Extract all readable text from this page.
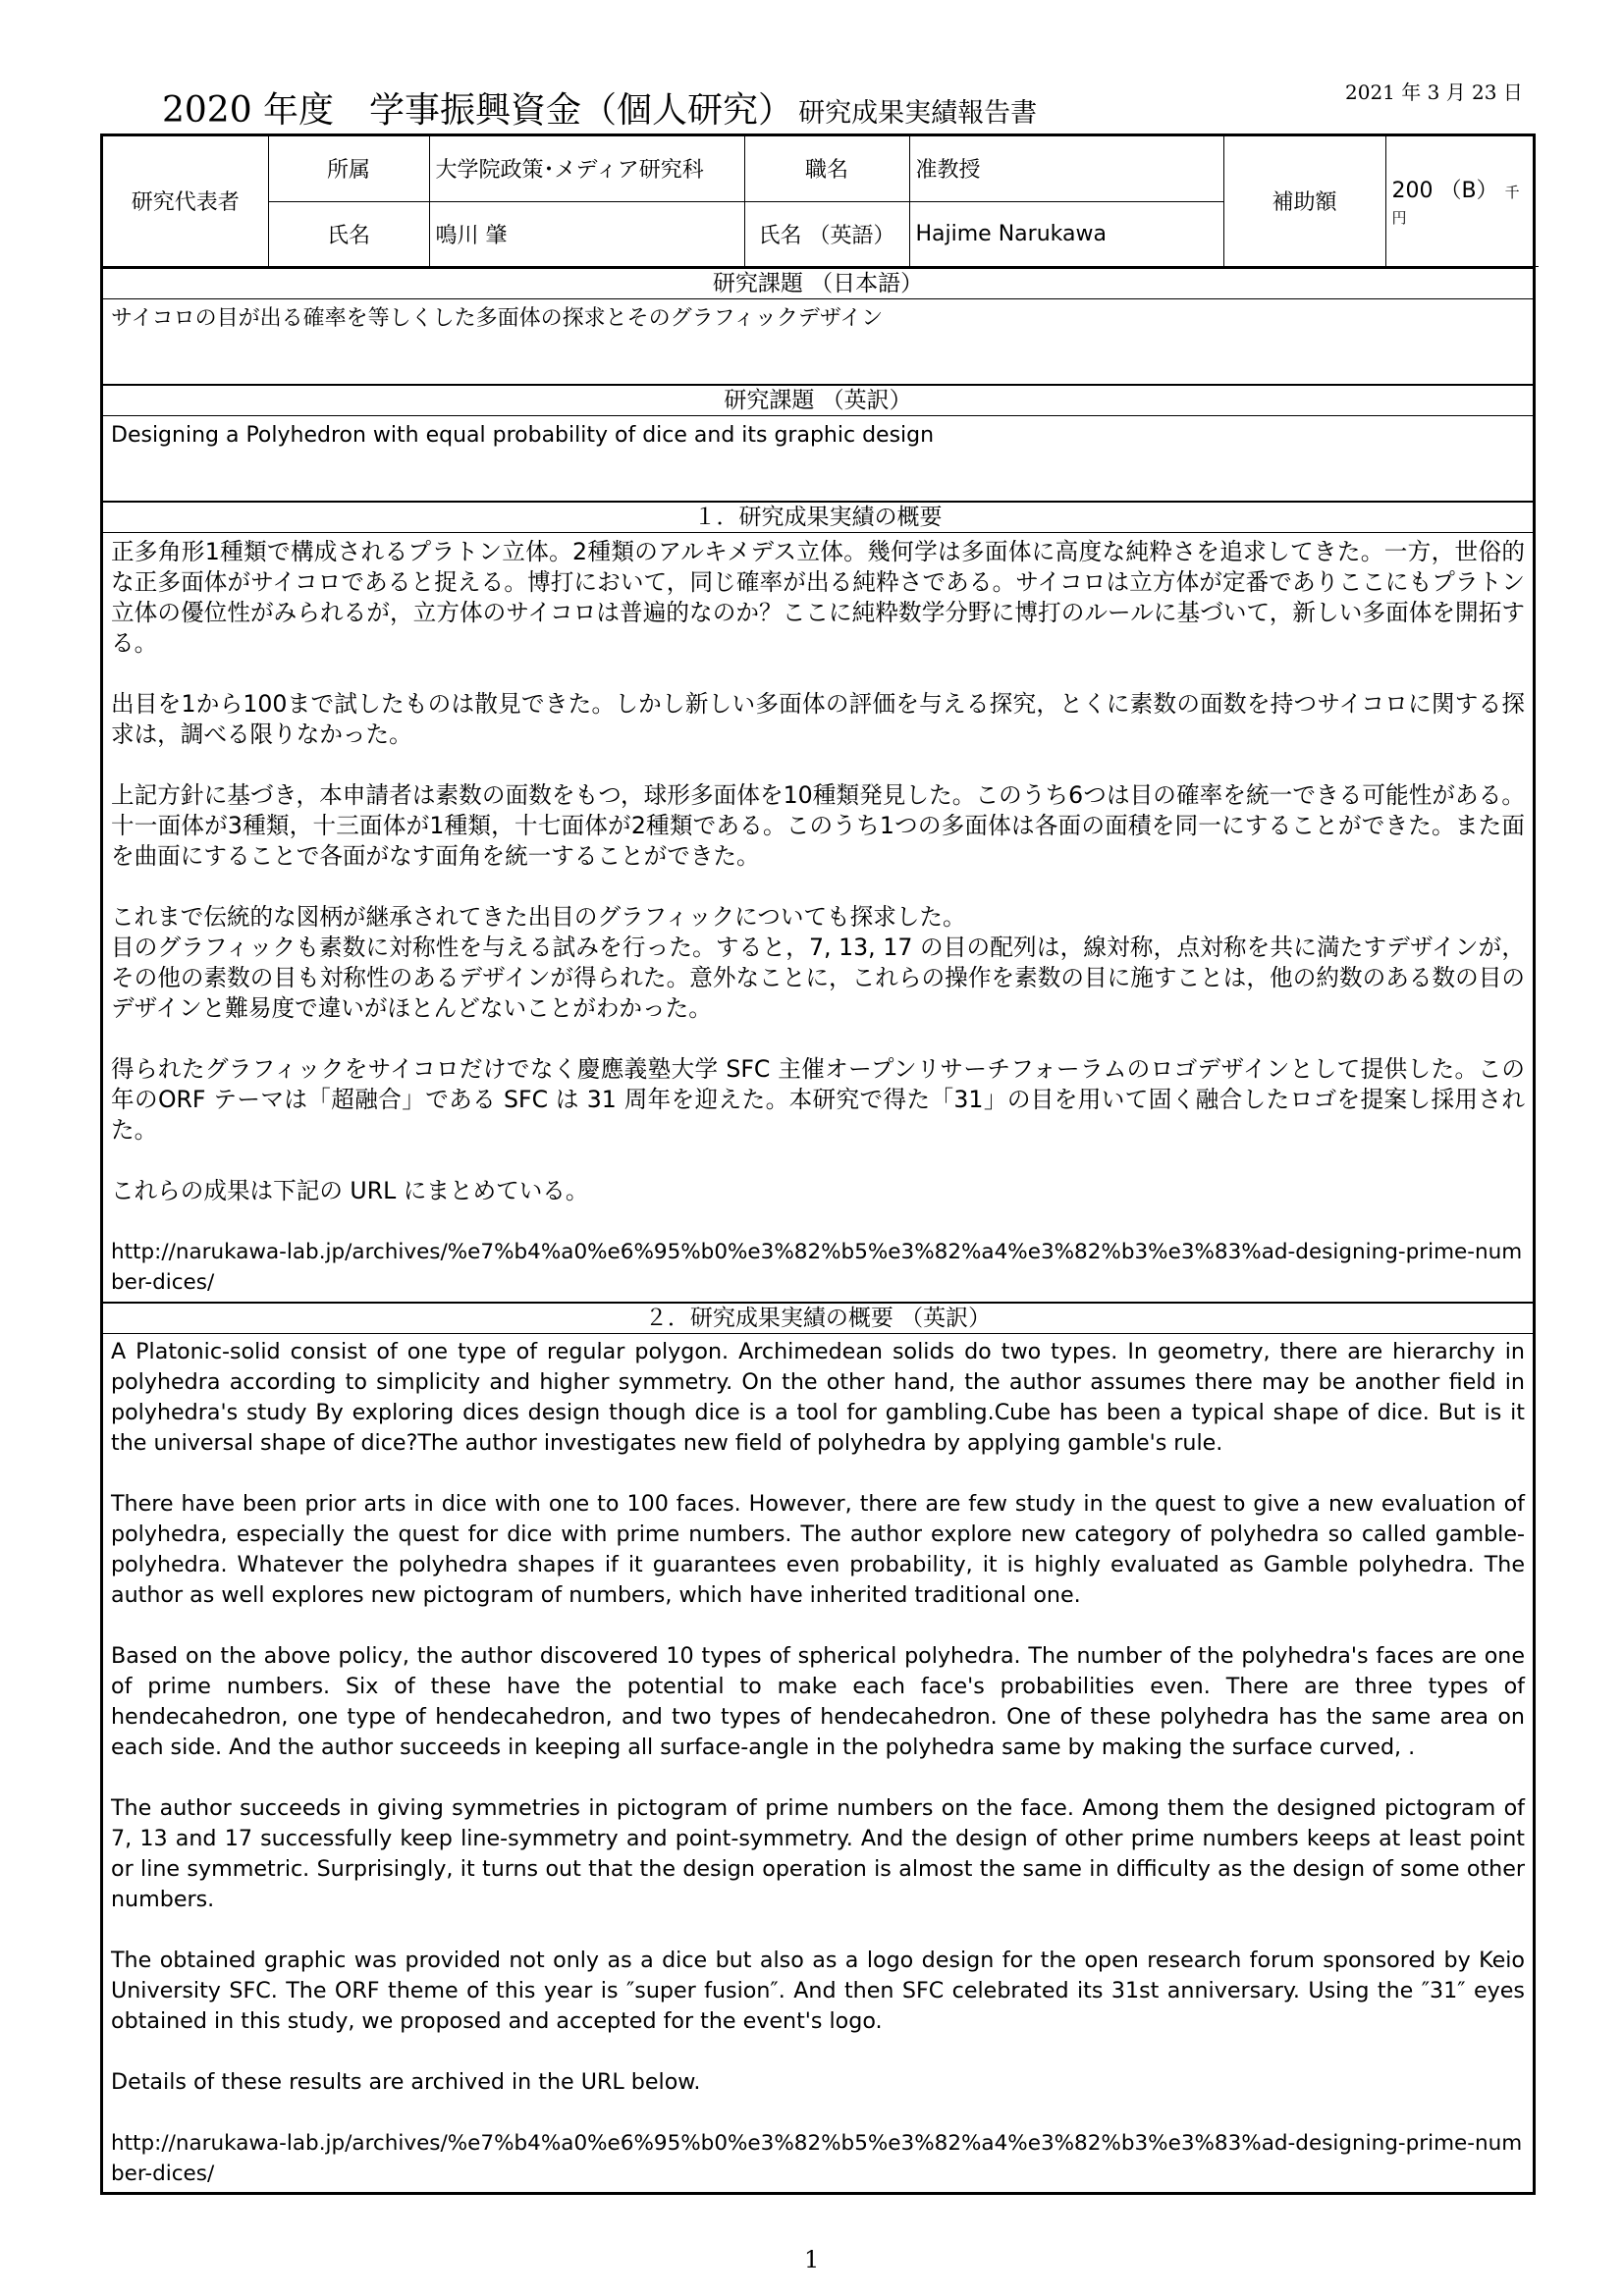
2021 年 3 月 23 日
2020 年度　学事振興資金（個人研究） 研究成果実績報告書
研究代表者	所属	大学院政策･メディア研究科	職名	准教授	補助額	200 （B） 千円
	氏名	鳴川 肇	氏名 （英語）	Hajime Narukawa		
研究課題 （日本語）
サイコロの目が出る確率を等しくした多面体の探求とそのグラフィックデザイン
研究課題 （英訳）
Designing a Polyhedron with equal probability of dice and its graphic design
１．研究成果実績の概要

正多角形1種類で構成されるプラトン立体。2種類のアルキメデス立体。幾何学は多面体に高度な純粋さを追求してきた。一方，世俗的な正多面体がサイコロであると捉える。博打において，同じ確率が出る純粋さである。サイコロは立方体が定番でありここにもプラトン立体の優位性がみられるが，立方体のサイコロは普遍的なのか？ここに純粋数学分野に博打のルールに基づいて，新しい多面体を開拓する。

出目を1から100まで試したものは散見できた。しかし新しい多面体の評価を与える探究，とくに素数の面数を持つサイコロに関する探求は，調べる限りなかった。

上記方針に基づき，本申請者は素数の面数をもつ，球形多面体を10種類発見した。このうち6つは目の確率を統一できる可能性がある。十一面体が3種類，十三面体が1種類，十七面体が2種類である。このうち1つの多面体は各面の面積を同一にすることができた。また面を曲面にすることで各面がなす面角を統一することができた。

これまで伝統的な図柄が継承されてきた出目のグラフィックについても探求した。

目のグラフィックも素数に対称性を与える試みを行った。すると，7, 13, 17 の目の配列は，線対称，点対称を共に満たすデザインが，その他の素数の目も対称性のあるデザインが得られた。意外なことに，これらの操作を素数の目に施すことは，他の約数のある数の目のデザインと難易度で違いがほとんどないことがわかった。

得られたグラフィックをサイコロだけでなく慶應義塾大学 SFC 主催オープンリサーチフォーラムのロゴデザインとして提供した。この年のORF テーマは「超融合」である SFC は 31 周年を迎えた。本研究で得た「31」の目を用いて固く融合したロゴを提案し採用された。

これらの成果は下記の URL にまとめている。

http://narukawa-lab.jp/archives/%e7%b4%a0%e6%95%b0%e3%82%b5%e3%82%a4%e3%82%b3%e3%83%ad-designing-prime-number-dices/

２．研究成果実績の概要 （英訳）

A Platonic-solid consist of one type of regular polygon. Archimedean solids do two types. In geometry, there are hierarchy in polyhedra according to simplicity and higher symmetry. On the other hand, the author assumes there may be another field in polyhedra's study By exploring dices design though dice is a tool for gambling.Cube has been a typical shape of dice. But is it the universal shape of dice?The author investigates new field of polyhedra by applying gamble's rule.

There have been prior arts in dice with one to 100 faces. However, there are few study in the quest to give a new evaluation of polyhedra, especially the quest for dice with prime numbers. The author explore new category of polyhedra so called gamble-polyhedra. Whatever the polyhedra shapes if it guarantees even probability, it is highly evaluated as Gamble polyhedra. The author as well explores new pictogram of numbers, which have inherited traditional one.

Based on the above policy, the author discovered 10 types of spherical polyhedra. The number of the polyhedra's faces are one of prime numbers. Six of these have the potential to make each face's probabilities even. There are three types of hendecahedron, one type of hendecahedron, and two types of hendecahedron. One of these polyhedra has the same area on each side. And the author succeeds in keeping all surface-angle in the polyhedra same by making the surface curved, .

The author succeeds in giving symmetries in pictogram of prime numbers on the face. Among them the designed pictogram of 7, 13 and 17 successfully keep line-symmetry and point-symmetry. And the design of other prime numbers keeps at least point or line symmetric. Surprisingly, it turns out that the design operation is almost the same in difficulty as the design of some other numbers.

The obtained graphic was provided not only as a dice but also as a logo design for the open research forum sponsored by Keio University SFC. The ORF theme of this year is ″super fusion″. And then SFC celebrated its 31st anniversary. Using the ″31″ eyes obtained in this study, we proposed and accepted for the event's logo.

Details of these results are archived in the URL below.

http://narukawa-lab.jp/archives/%e7%b4%a0%e6%95%b0%e3%82%b5%e3%82%a4%e3%82%b3%e3%83%ad-designing-prime-number-dices/

1
